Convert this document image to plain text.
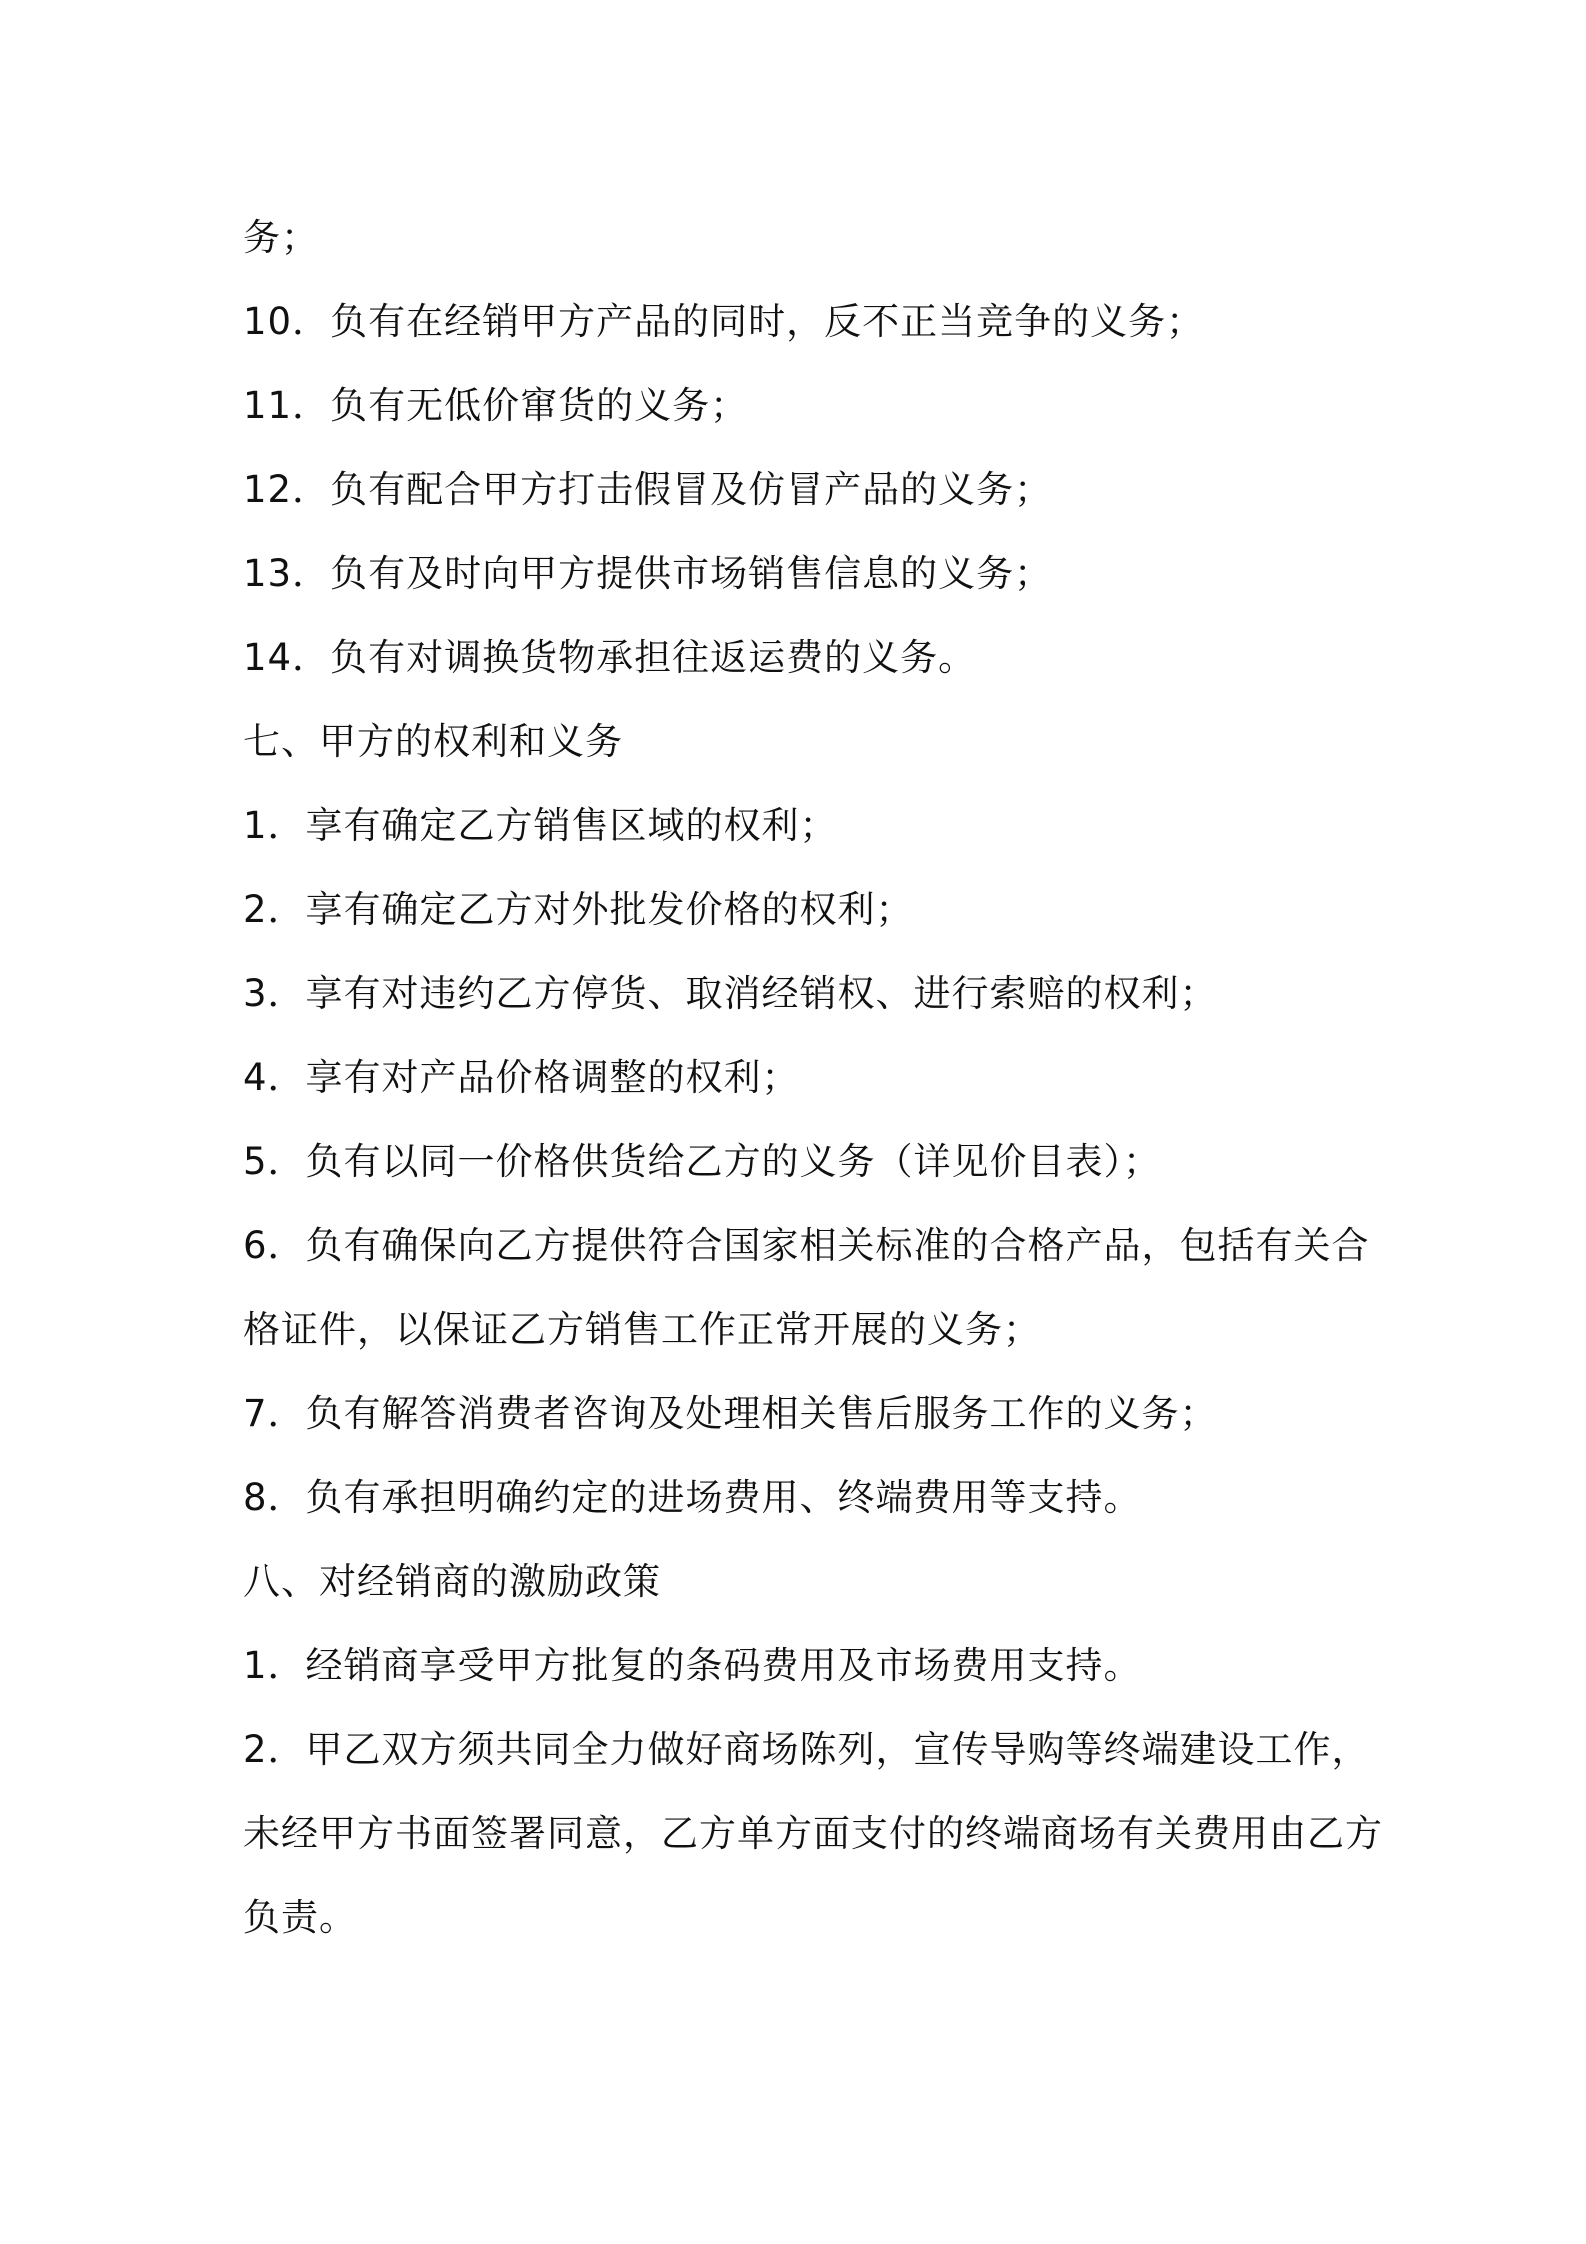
务；
10．负有在经销甲方产品的同时，反不正当竞争的义务；
11．负有无低价窜货的义务；
12．负有配合甲方打击假冒及仿冒产品的义务；
13．负有及时向甲方提供市场销售信息的义务；
14．负有对调换货物承担往返运费的义务。
七、甲方的权利和义务
1．享有确定乙方销售区域的权利；
2．享有确定乙方对外批发价格的权利；
3．享有对违约乙方停货、取消经销权、进行索赔的权利；
4．享有对产品价格调整的权利；
5．负有以同一价格供货给乙方的义务（详见价目表）；
6．负有确保向乙方提供符合国家相关标准的合格产品，包括有关合
格证件，以保证乙方销售工作正常开展的义务；
7．负有解答消费者咨询及处理相关售后服务工作的义务；
8．负有承担明确约定的进场费用、终端费用等支持。
八、对经销商的激励政策
1．经销商享受甲方批复的条码费用及市场费用支持。
2．甲乙双方须共同全力做好商场陈列，宣传导购等终端建设工作，
未经甲方书面签署同意，乙方单方面支付的终端商场有关费用由乙方
负责。
